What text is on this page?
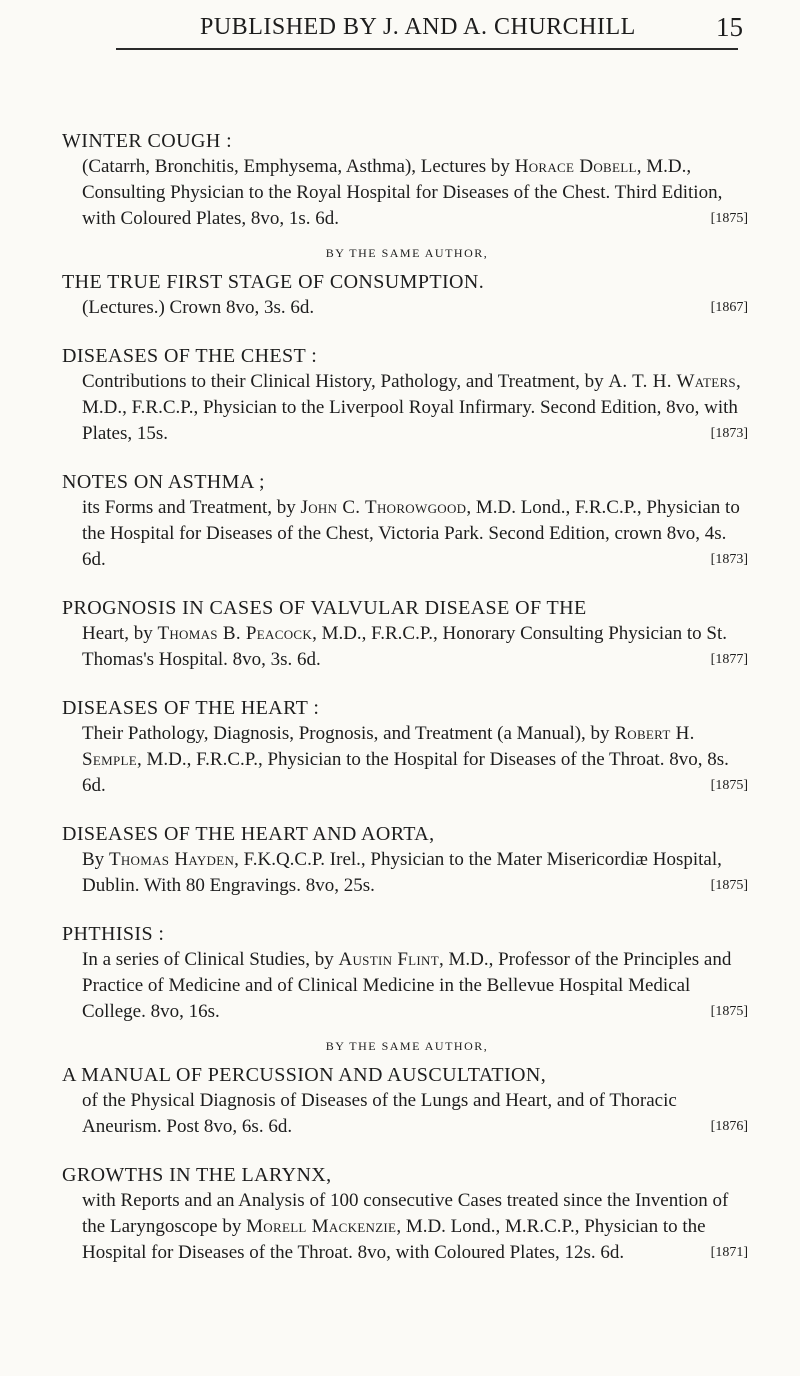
PUBLISHED BY J. AND A. CHURCHILL	15
WINTER COUGH :
(Catarrh, Bronchitis, Emphysema, Asthma), Lectures by Horace Dobell, M.D., Consulting Physician to the Royal Hospital for Diseases of the Chest. Third Edition, with Coloured Plates, 8vo, 1s. 6d.	[1875]
BY THE SAME AUTHOR,
THE TRUE FIRST STAGE OF CONSUMPTION.
(Lectures.) Crown 8vo, 3s. 6d.	[1867]
DISEASES OF THE CHEST :
Contributions to their Clinical History, Pathology, and Treatment, by A. T. H. Waters, M.D., F.R.C.P., Physician to the Liverpool Royal Infirmary. Second Edition, 8vo, with Plates, 15s.	[1873]
NOTES ON ASTHMA ;
its Forms and Treatment, by John C. Thorowgood, M.D. Lond., F.R.C.P., Physician to the Hospital for Diseases of the Chest, Victoria Park. Second Edition, crown 8vo, 4s. 6d.	[1873]
PROGNOSIS IN CASES OF VALVULAR DISEASE OF THE
Heart, by Thomas B. Peacock, M.D., F.R.C.P., Honorary Consulting Physician to St. Thomas's Hospital. 8vo, 3s. 6d.	[1877]
DISEASES OF THE HEART :
Their Pathology, Diagnosis, Prognosis, and Treatment (a Manual), by Robert H. Semple, M.D., F.R.C.P., Physician to the Hospital for Diseases of the Throat. 8vo, 8s. 6d.	[1875]
DISEASES OF THE HEART AND AORTA,
By Thomas Hayden, F.K.Q.C.P. Irel., Physician to the Mater Misericordiæ Hospital, Dublin. With 80 Engravings. 8vo, 25s.	[1875]
PHTHISIS :
In a series of Clinical Studies, by Austin Flint, M.D., Professor of the Principles and Practice of Medicine and of Clinical Medicine in the Bellevue Hospital Medical College. 8vo, 16s.	[1875]
BY THE SAME AUTHOR,
A MANUAL OF PERCUSSION AND AUSCULTATION,
of the Physical Diagnosis of Diseases of the Lungs and Heart, and of Thoracic Aneurism. Post 8vo, 6s. 6d.	[1876]
GROWTHS IN THE LARYNX,
with Reports and an Analysis of 100 consecutive Cases treated since the Invention of the Laryngoscope by Morell Mackenzie, M.D. Lond., M.R.C.P., Physician to the Hospital for Diseases of the Throat. 8vo, with Coloured Plates, 12s. 6d.	[1871]
